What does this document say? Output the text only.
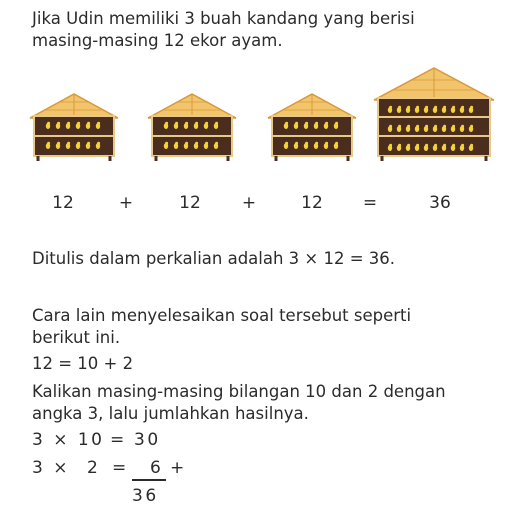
Jika Udin memiliki 3 buah kandang yang berisi
masing-masing 12 ekor ayam.
12	+	12	+	12	=	36
Ditulis dalam perkalian adalah 3 × 12 = 36.
Cara lain menyelesaikan soal tersebut seperti
berikut ini.
12 = 10 + 2
Kalikan masing-masing bilangan 10 dan 2 dengan
angka 3, lalu jumlahkan hasilnya.
3 × 10 = 30
3 × 2 = 6 +
36
